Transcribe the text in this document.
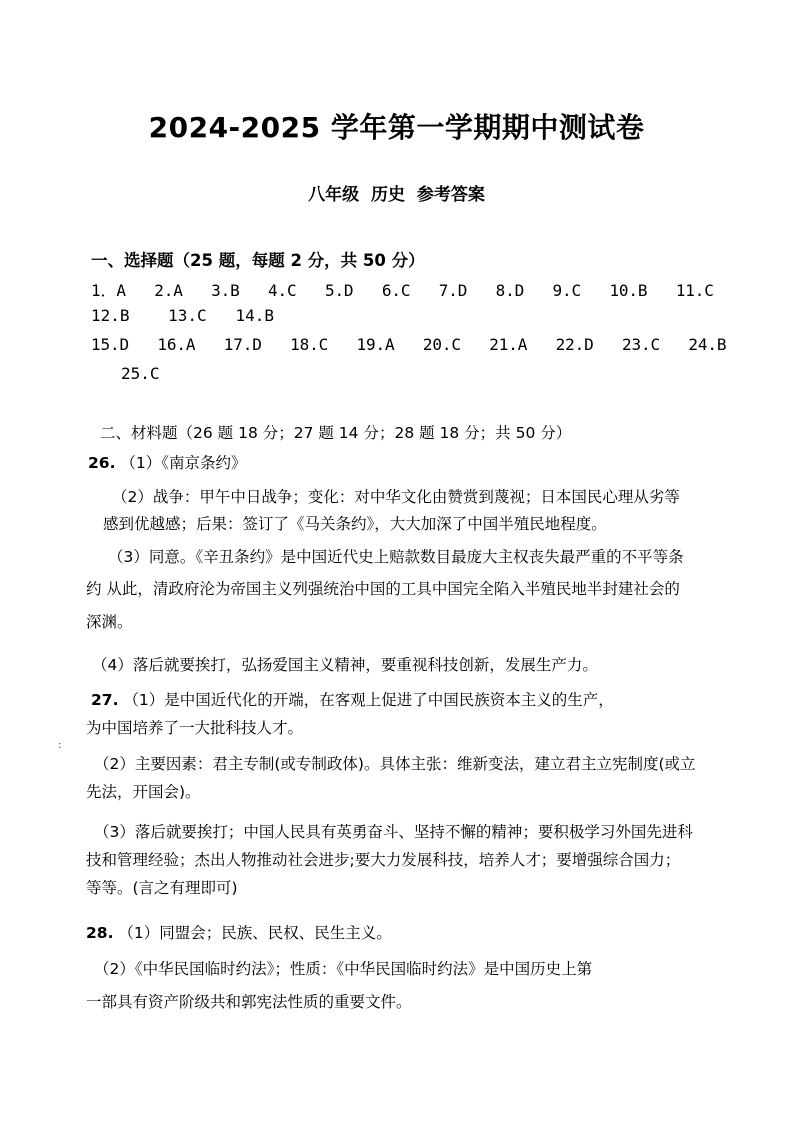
2024-2025 学年第一学期期中测试卷
八年级 历史 参考答案
一、选择题（25 题，每题 2 分，共 50 分）
1．A   2.A   3.B   4.C   5.D   6.C   7.D   8.D   9.C   10.B   11.C
12.B    13.C   14.B
15.D   16.A   17.D   18.C   19.A   20.C   21.A   22.D   23.C   24.B
25.C
二、材料题（26 题 18 分；27 题 14 分；28 题 18 分；共 50 分）
26. （1）《南京条约》
（2）战争：甲午中日战争；变化：对中华文化由赞赏到蔑视；日本国民心理从劣等
感到优越感；后果：签订了《马关条约》，大大加深了中国半殖民地程度。
（3）同意。《辛丑条约》是中国近代史上赔款数目最庞大主权丧失最严重的不平等条
约 从此，清政府沦为帝国主义列强统治中国的工具中国完全陷入半殖民地半封建社会的
深渊。
（4）落后就要挨打，弘扬爱国主义精神，要重视科技创新，发展生产力。
27. （1）是中国近代化的开端，在客观上促进了中国民族资本主义的生产，
为中国培养了一大批科技人才。
:
（2）主要因素：君主专制(或专制政体)。具体主张：维新变法，建立君主立宪制度(或立
先法，开国会)。
（3）落后就要挨打；中国人民具有英勇奋斗、坚持不懈的精神；要积极学习外国先进科
技和管理经验；杰出人物推动社会进步;要大力发展科技，培养人才；要增强综合国力；
等等。(言之有理即可)
28. （1）同盟会；民族、民权、民生主义。
（2）《中华民国临时约法》；性质：《中华民国临时约法》是中国历史上第
一部具有资产阶级共和郭宪法性质的重要文件。
